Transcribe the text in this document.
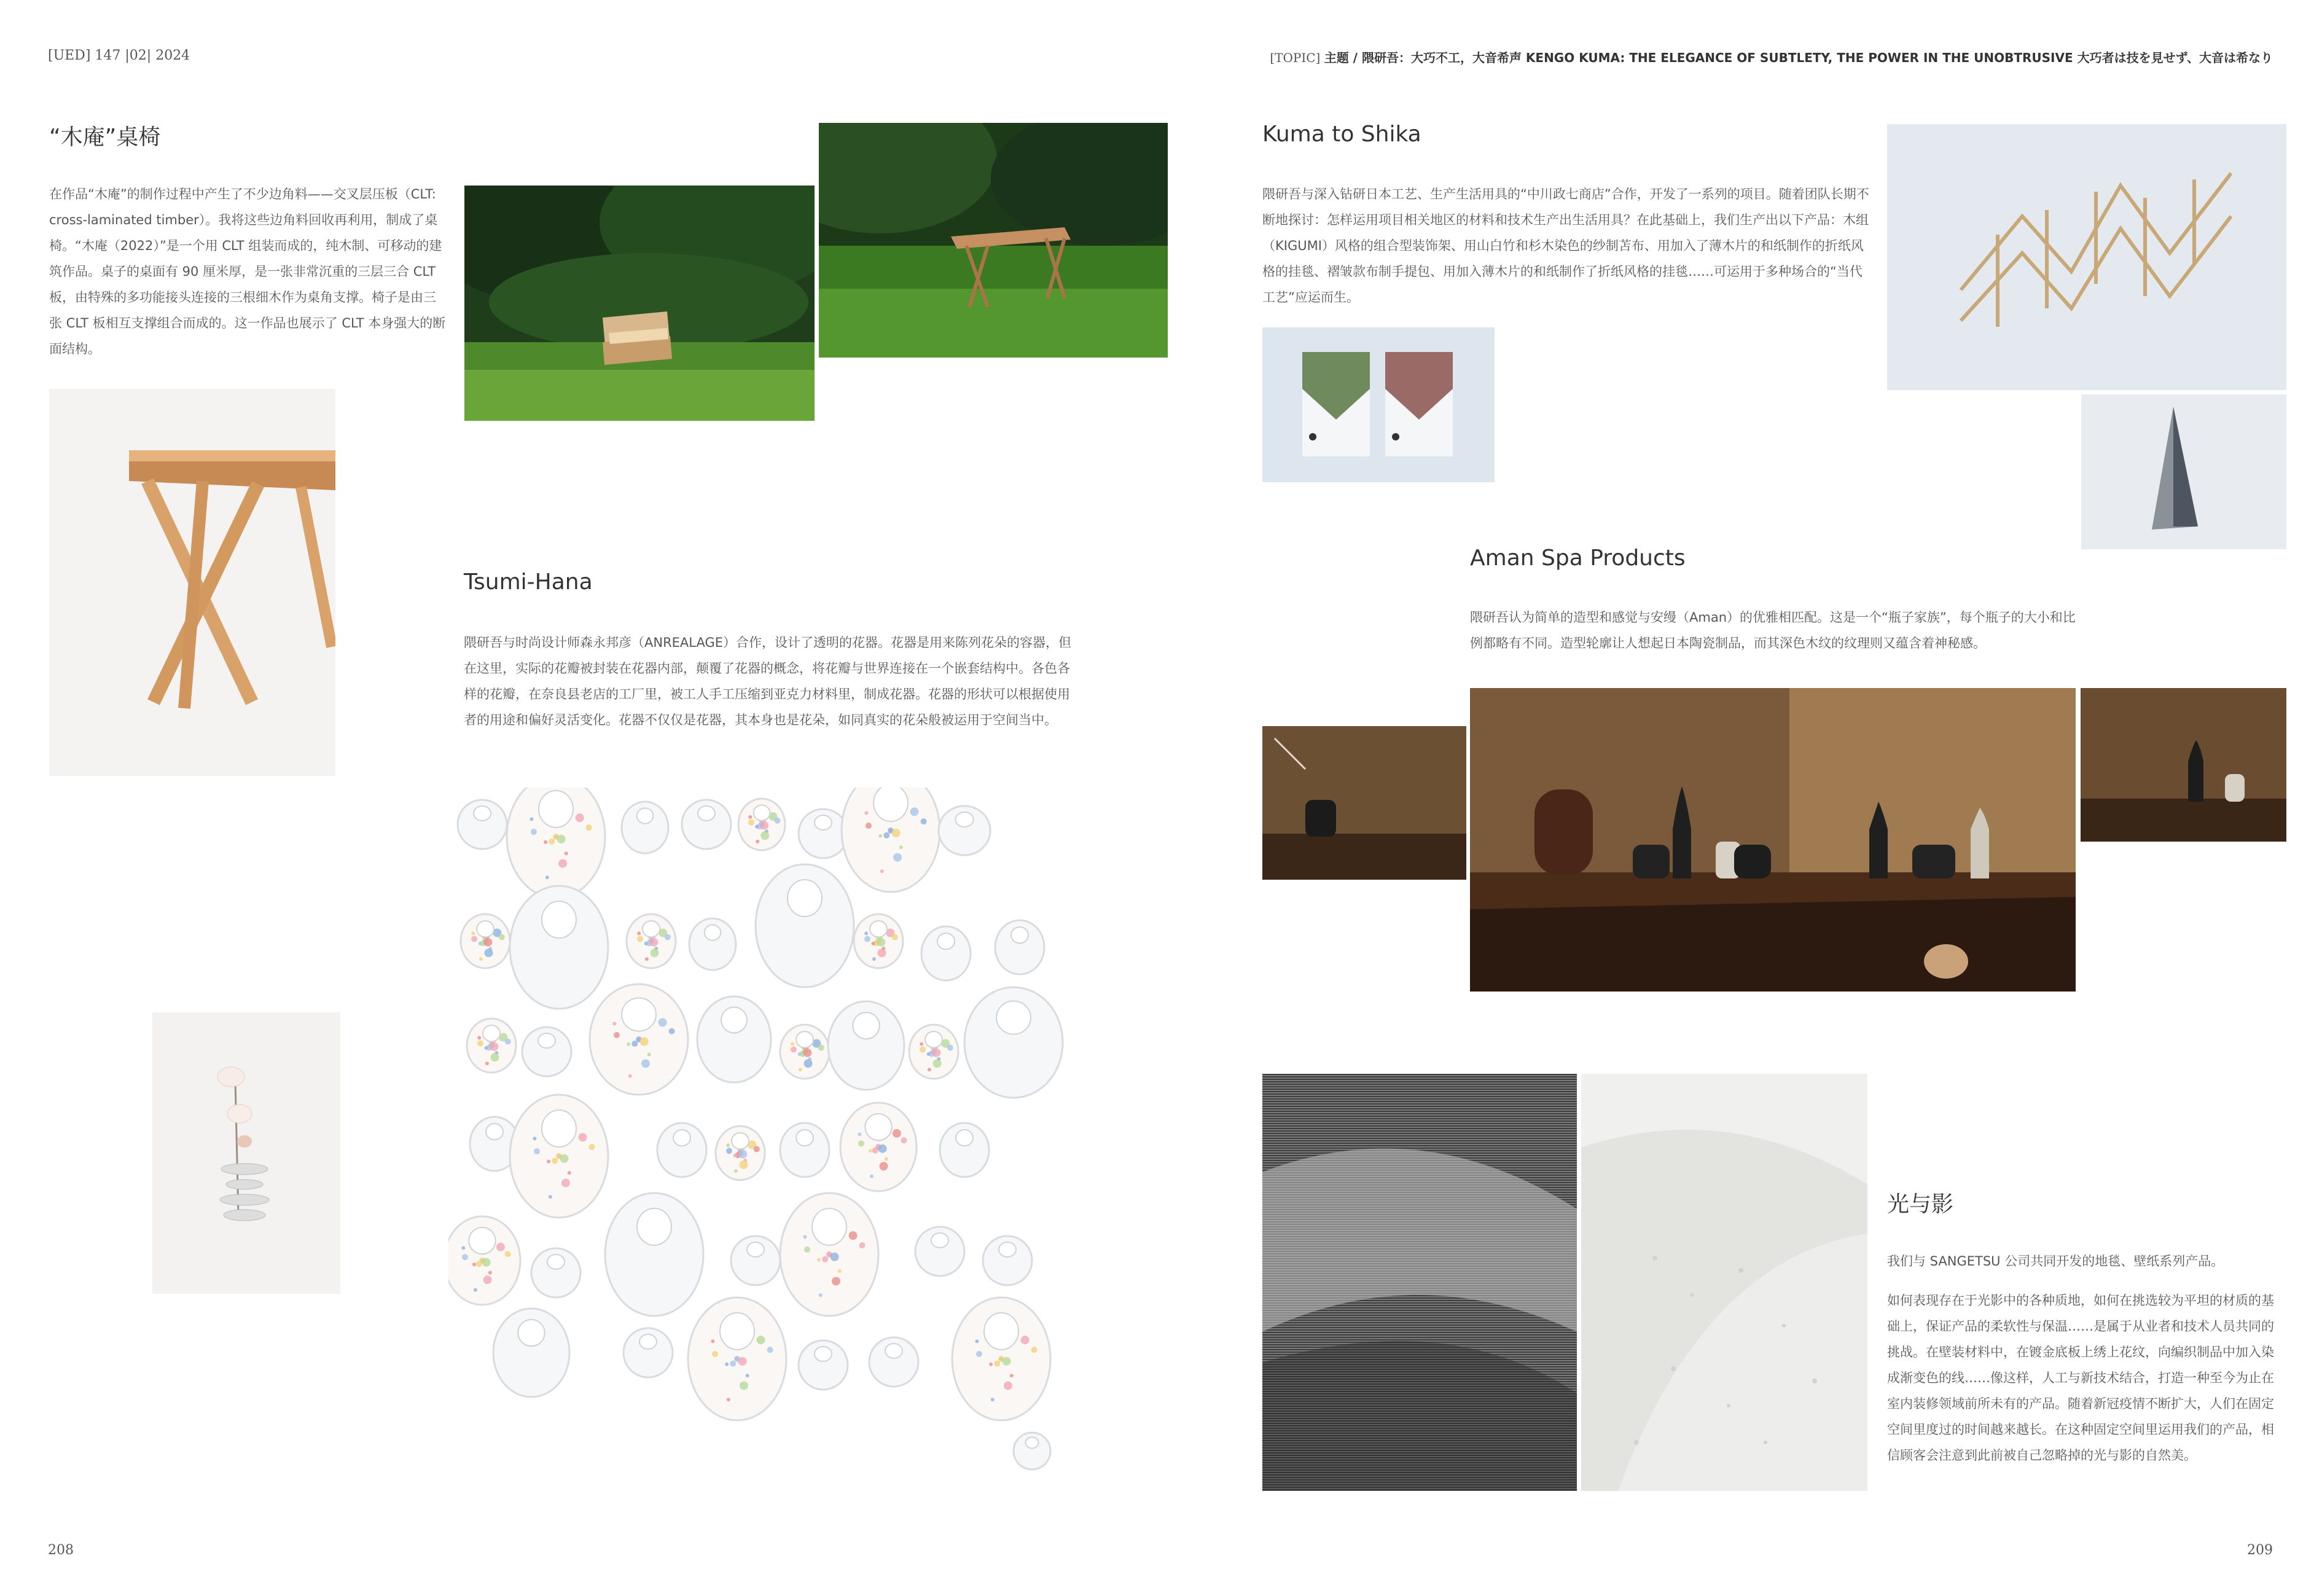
[UED] 147 |02| 2024	[TOPIC] 主题 / 隈研吾：大巧不工，大音希声 KENGO KUMA: THE ELEGANCE OF SUBTLETY, THE POWER IN THE UNOBTRUSIVE 大巧者は技を見せず、大音は希なり
“木庵”桌椅

在作品“木庵”的制作过程中产生了不少边角料——交叉层压板（CLT: cross-laminated timber）。我将这些边角料回收再利用，制成了桌椅。“木庵（2022）”是一个用 CLT 组装而成的，纯木制、可移动的建筑作品。桌子的桌面有 90 厘米厚，是一张非常沉重的三层三合 CLT 板，由特殊的多功能接头连接的三根细木作为桌角支撑。椅子是由三张 CLT 板相互支撑组合而成的。这一作品也展示了 CLT 本身强大的断面结构。

Tsumi-Hana

隈研吾与时尚设计师森永邦彦（ANREALAGE）合作，设计了透明的花器。花器是用来陈列花朵的容器，但在这里，实际的花瓣被封装在花器内部，颠覆了花器的概念，将花瓣与世界连接在一个嵌套结构中。各色各样的花瓣，在奈良县老店的工厂里，被工人手工压缩到亚克力材料里，制成花器。花器的形状可以根据使用者的用途和偏好灵活变化。花器不仅仅是花器，其本身也是花朵，如同真实的花朵般被运用于空间当中。

208
Kuma to Shika

隈研吾与深入钻研日本工艺、生产生活用具的“中川政七商店”合作，开发了一系列的项目。随着团队长期不断地探讨：怎样运用项目相关地区的材料和技术生产出生活用具？在此基础上，我们生产出以下产品：木组（KIGUMI）风格的组合型装饰架、用山白竹和杉木染色的纱制苫布、用加入了薄木片的和纸制作的折纸风格的挂毯、褶皱款布制手提包、用加入薄木片的和纸制作了折纸风格的挂毯……可运用于多种场合的“当代工艺”应运而生。

Aman Spa Products

隈研吾认为简单的造型和感觉与安缦（Aman）的优雅相匹配。这是一个“瓶子家族”，每个瓶子的大小和比例都略有不同。造型轮廓让人想起日本陶瓷制品，而其深色木纹的纹理则又蕴含着神秘感。

光与影

我们与 SANGETSU 公司共同开发的地毯、壁纸系列产品。

如何表现存在于光影中的各种质地，如何在挑选较为平坦的材质的基础上，保证产品的柔软性与保温……是属于从业者和技术人员共同的挑战。在壁装材料中，在镀金底板上绣上花纹，向编织制品中加入染成渐变色的线……像这样，人工与新技术结合，打造一种至今为止在室内装修领域前所未有的产品。随着新冠疫情不断扩大，人们在固定空间里度过的时间越来越长。在这种固定空间里运用我们的产品，相信顾客会注意到此前被自己忽略掉的光与影的自然美。

209
